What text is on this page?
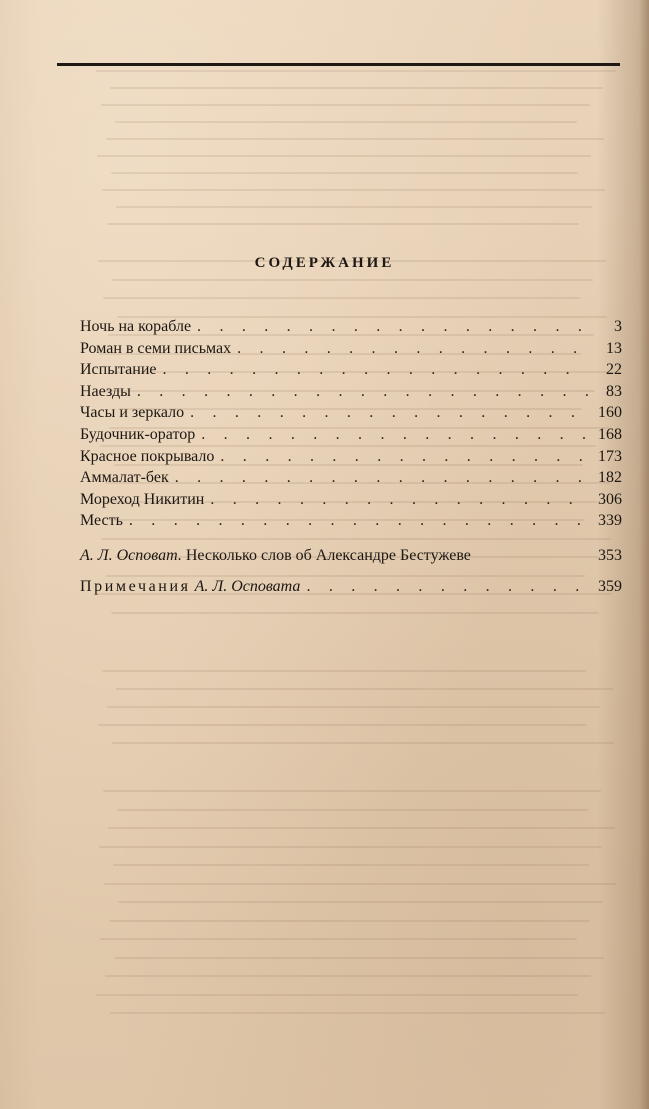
СОДЕРЖАНИЕ
Ночь на корабле . . .	3
Роман в семи письмах . . .	13
Испытание . . .	22
Наезды . . .	83
Часы и зеркало . . .	160
Будочник-оратор . . .	168
Красное покрывало . . .	173
Аммалат-бек . . .	182
Мореход Никитин . . .	306
Месть . . .	339
А. Л. Осповат. Несколько слов об Александре Бестужеве	353
Примечания А. Л. Осповата . . .	359
